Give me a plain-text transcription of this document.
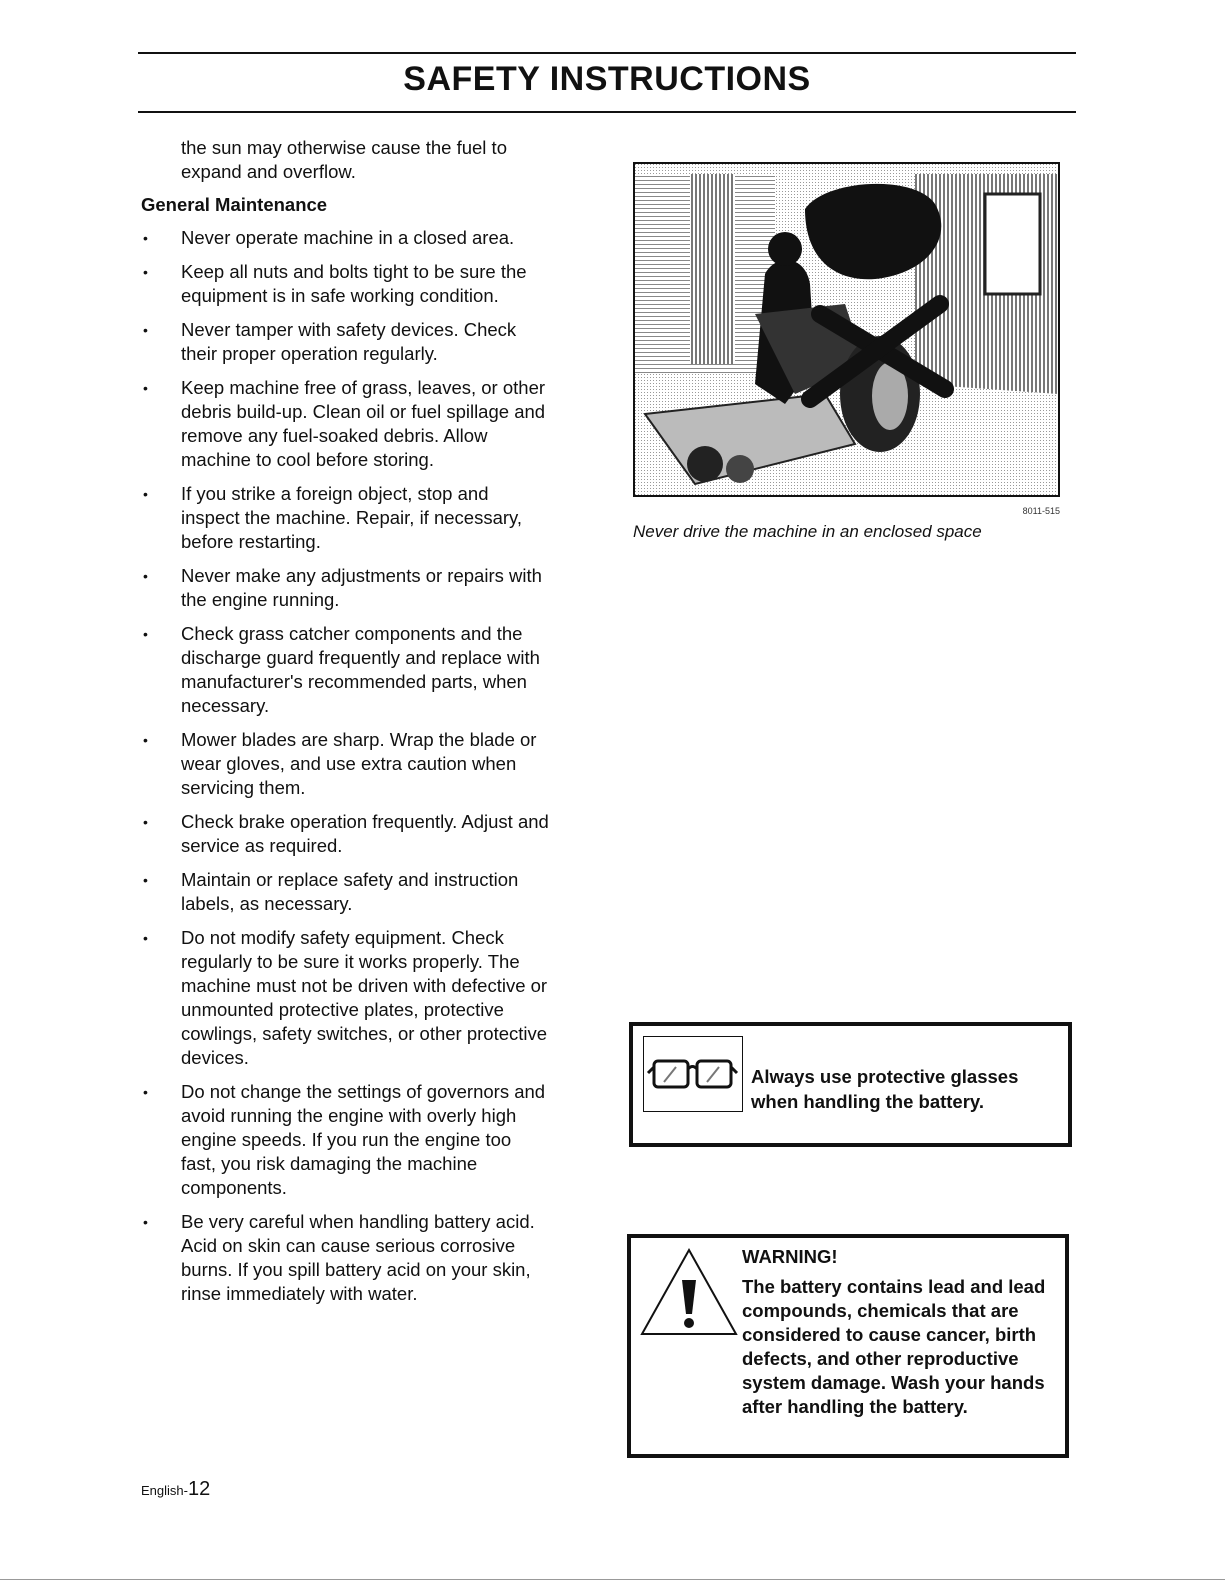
SAFETY INSTRUCTIONS

the sun may otherwise cause the fuel to expand and overflow.

General Maintenance

• Never operate machine in a closed area.
• Keep all nuts and bolts tight to be sure the equipment is in safe working condition.
• Never tamper with safety devices. Check their proper operation regularly.
• Keep machine free of grass, leaves, or other debris build-up. Clean oil or fuel spillage and remove any fuel-soaked debris. Allow machine to cool before storing.
• If you strike a foreign object, stop and inspect the machine. Repair, if necessary, before restarting.
• Never make any adjustments or repairs with the engine running.
• Check grass catcher components and the discharge guard frequently and replace with manufacturer's recommended parts, when necessary.
• Mower blades are sharp. Wrap the blade or wear gloves, and use extra caution when servicing them.
• Check brake operation frequently. Adjust and service as required.
• Maintain or replace safety and instruction labels, as necessary.
• Do not modify safety equipment. Check regularly to be sure it works properly. The machine must not be driven with defective or unmounted protective plates, protective cowlings, safety switches, or other protective devices.
• Do not change the settings of governors and avoid running the engine with overly high engine speeds. If you run the engine too fast, you risk damaging the machine components.
• Be very careful when handling battery acid. Acid on skin can cause serious corrosive burns. If you spill battery acid on your skin, rinse immediately with water.
8011-515
Never drive the machine in an enclosed space
Always use protective glasses when handling the battery.
WARNING!
The battery contains lead and lead compounds, chemicals that are considered to cause cancer, birth defects, and other reproductive system damage. Wash your hands after handling the battery.
English-12
